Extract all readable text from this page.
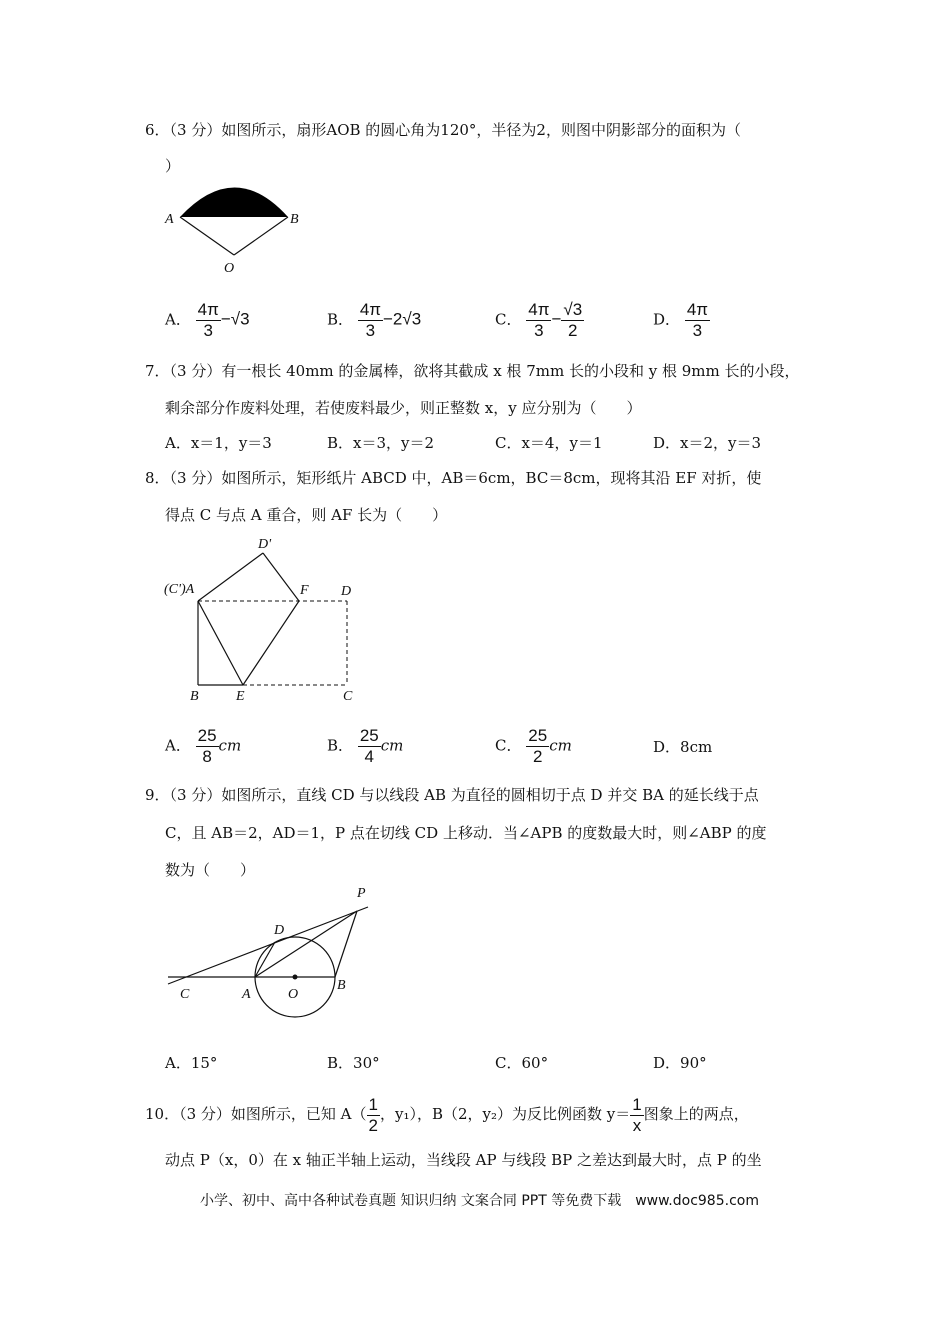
6．（3 分）如图所示，扇形AOB 的圆心角为120°，半径为2，则图中阴影部分的面积为（
）
A	B
O
A． $\frac{4\pi}{3} -√3$	B． $\frac{4\pi}{3} -2√3$	C． $\frac{4\pi}{3} - \frac{√3}{2}$	D． $\frac{4\pi}{3}$
7．（3 分）有一根长 40mm 的金属棒，欲将其截成 x 根 7mm 长的小段和 y 根 9mm 长的小段，
剩余部分作废料处理，若使废料最少，则正整数 x，y 应分别为（　　）
A．x＝1，y＝3	B．x＝3，y＝2	C．x＝4，y＝1	D．x＝2，y＝3
8．（3 分）如图所示，矩形纸片 ABCD 中，AB＝6cm，BC＝8cm，现将其沿 EF 对折，使
得点 C 与点 A 重合，则 AF 长为（　　）
D'
(C')A	F D
B	E	C
A． $\frac{25}{8}$ cm	B． $\frac{25}{4}$ cm	C． $\frac{25}{2}$ cm	D．8cm
9．（3 分）如图所示，直线 CD 与以线段 AB 为直径的圆相切于点 D 并交 BA 的延长线于点
C，且 AB＝2，AD＝1，P 点在切线 CD 上移动．当∠APB 的度数最大时，则∠ABP 的度
数为（　　）
P
D
C	A	O
B
A．15°	B．30°	C．60°	D．90°
10．（3 分）如图所示，已知 $A( \frac{1}{2}$ ，y₁），B（2，y₂）为反比例函数 $y= \frac{1}{x}$ 图象上的两点，
动点 P（x，0）在 x 轴正半轴上运动，当线段 AP 与线段 BP 之差达到最大时，点 P 的坐
小学、初中、高中各种试卷真题 知识归纳 文案合同 PPT 等免费下载　www.doc985.com
